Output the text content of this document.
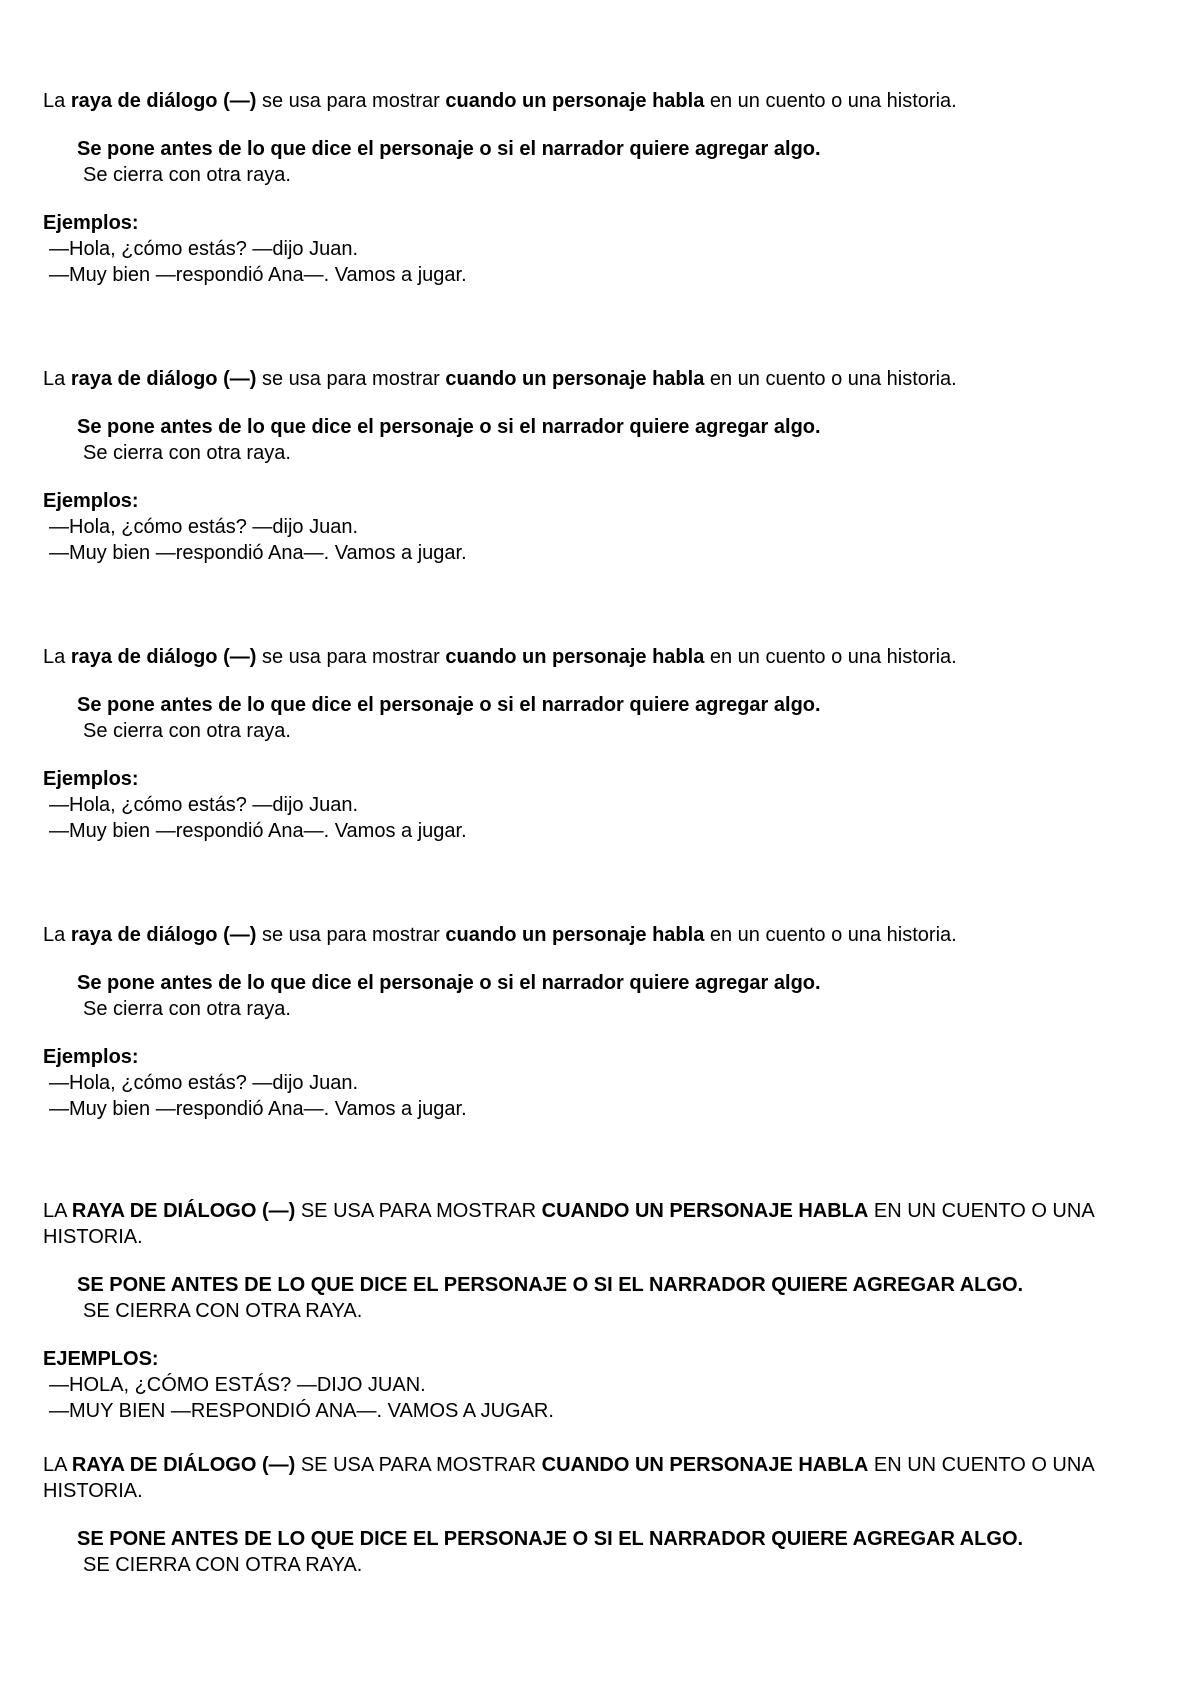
La raya de diálogo (—) se usa para mostrar cuando un personaje habla en un cuento o una historia.

Se pone antes de lo que dice el personaje o si el narrador quiere agregar algo.

Se cierra con otra raya.

Ejemplos:

—Hola, ¿cómo estás? —dijo Juan.

—Muy bien —respondió Ana—. Vamos a jugar.

La raya de diálogo (—) se usa para mostrar cuando un personaje habla en un cuento o una historia.

Se pone antes de lo que dice el personaje o si el narrador quiere agregar algo.

Se cierra con otra raya.

Ejemplos:

—Hola, ¿cómo estás? —dijo Juan.

—Muy bien —respondió Ana—. Vamos a jugar.

La raya de diálogo (—) se usa para mostrar cuando un personaje habla en un cuento o una historia.

Se pone antes de lo que dice el personaje o si el narrador quiere agregar algo.

Se cierra con otra raya.

Ejemplos:

—Hola, ¿cómo estás? —dijo Juan.

—Muy bien —respondió Ana—. Vamos a jugar.

La raya de diálogo (—) se usa para mostrar cuando un personaje habla en un cuento o una historia.

Se pone antes de lo que dice el personaje o si el narrador quiere agregar algo.

Se cierra con otra raya.

Ejemplos:

—Hola, ¿cómo estás? —dijo Juan.

—Muy bien —respondió Ana—. Vamos a jugar.

LA RAYA DE DIÁLOGO (—) SE USA PARA MOSTRAR CUANDO UN PERSONAJE HABLA EN UN CUENTO O UNA HISTORIA.

SE PONE ANTES DE LO QUE DICE EL PERSONAJE O SI EL NARRADOR QUIERE AGREGAR ALGO.

SE CIERRA CON OTRA RAYA.

EJEMPLOS:

—HOLA, ¿CÓMO ESTÁS? —DIJO JUAN.

—MUY BIEN —RESPONDIÓ ANA—. VAMOS A JUGAR.

LA RAYA DE DIÁLOGO (—) SE USA PARA MOSTRAR CUANDO UN PERSONAJE HABLA EN UN CUENTO O UNA HISTORIA.

SE PONE ANTES DE LO QUE DICE EL PERSONAJE O SI EL NARRADOR QUIERE AGREGAR ALGO.

SE CIERRA CON OTRA RAYA.
